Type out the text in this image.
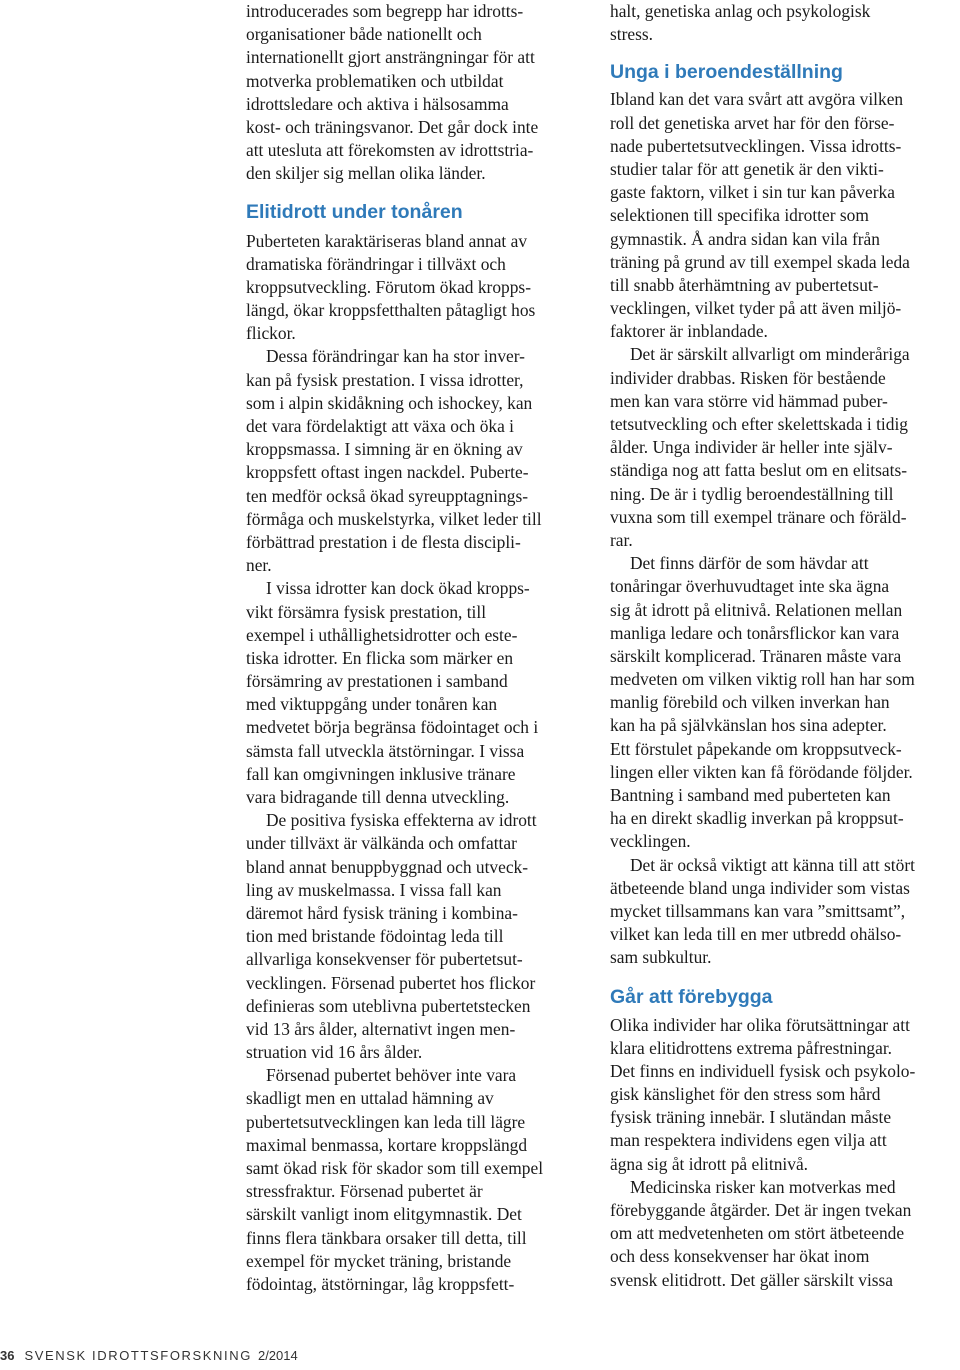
introducerades som begrepp har idrotts-
organisationer både nationellt och
internationellt gjort ansträngningar för att
motverka problematiken och utbildat
idrottsledare och aktiva i hälsosamma
kost- och träningsvanor. Det går dock inte
att utesluta att förekomsten av idrottstria-
den skiljer sig mellan olika länder.
Elitidrott under tonåren
Puberteten karaktäriseras bland annat av
dramatiska förändringar i tillväxt och
kroppsutveckling. Förutom ökad kropps-
längd, ökar kroppsfetthalten påtagligt hos
flickor.
Dessa förändringar kan ha stor inver-
kan på fysisk prestation. I vissa idrotter,
som i alpin skidåkning och ishockey, kan
det vara fördelaktigt att växa och öka i
kroppsmassa. I simning är en ökning av
kroppsfett oftast ingen nackdel. Puberte-
ten medför också ökad syreupptagnings-
förmåga och muskelstyrka, vilket leder till
förbättrad prestation i de flesta discipli-
ner.
I vissa idrotter kan dock ökad kropps-
vikt försämra fysisk prestation, till
exempel i uthållighetsidrotter och este-
tiska idrotter. En flicka som märker en
försämring av prestationen i samband
med viktuppgång under tonåren kan
medvetet börja begränsa födointaget och i
sämsta fall utveckla ätstörningar. I vissa
fall kan omgivningen inklusive tränare
vara bidragande till denna utveckling.
De positiva fysiska effekterna av idrott
under tillväxt är välkända och omfattar
bland annat benuppbyggnad och utveck-
ling av muskelmassa. I vissa fall kan
däremot hård fysisk träning i kombina-
tion med bristande födointag leda till
allvarliga konsekvenser för pubertetsut-
vecklingen. Försenad pubertet hos flickor
definieras som uteblivna pubertetstecken
vid 13 års ålder, alternativt ingen men-
struation vid 16 års ålder.
Försenad pubertet behöver inte vara
skadligt men en uttalad hämning av
pubertetsutvecklingen kan leda till lägre
maximal benmassa, kortare kroppslängd
samt ökad risk för skador som till exempel
stressfraktur. Försenad pubertet är
särskilt vanligt inom elitgymnastik. Det
finns flera tänkbara orsaker till detta, till
exempel för mycket träning, bristande
födointag, ätstörningar, låg kroppsfett-
halt, genetiska anlag och psykologisk
stress.
Unga i beroendeställning
Ibland kan det vara svårt att avgöra vilken
roll det genetiska arvet har för den förse-
nade pubertetsutvecklingen. Vissa idrotts-
studier talar för att genetik är den vikti-
gaste faktorn, vilket i sin tur kan påverka
selektionen till specifika idrotter som
gymnastik. Å andra sidan kan vila från
träning på grund av till exempel skada leda
till snabb återhämtning av pubertetsut-
vecklingen, vilket tyder på att även miljö-
faktorer är inblandade.
Det är särskilt allvarligt om minderåriga
individer drabbas. Risken för bestående
men kan vara större vid hämmad puber-
tetsutveckling och efter skelettskada i tidig
ålder. Unga individer är heller inte själv-
ständiga nog att fatta beslut om en elitsats-
ning. De är i tydlig beroendeställning till
vuxna som till exempel tränare och föräld-
rar.
Det finns därför de som hävdar att
tonåringar överhuvudtaget inte ska ägna
sig åt idrott på elitnivå. Relationen mellan
manliga ledare och tonårsflickor kan vara
särskilt komplicerad. Tränaren måste vara
medveten om vilken viktig roll han har som
manlig förebild och vilken inverkan han
kan ha på självkänslan hos sina adepter.
Ett förstulet påpekande om kroppsutveck-
lingen eller vikten kan få förödande följder.
Bantning i samband med puberteten kan
ha en direkt skadlig inverkan på kroppsut-
vecklingen.
Det är också viktigt att känna till att stört
ätbeteende bland unga individer som vistas
mycket tillsammans kan vara ”smittsamt”,
vilket kan leda till en mer utbredd ohälso-
sam subkultur.
Går att förebygga
Olika individer har olika förutsättningar att
klara elitidrottens extrema påfrestningar.
Det finns en individuell fysisk och psykolo-
gisk känslighet för den stress som hård
fysisk träning innebär. I slutändan måste
man respektera individens egen vilja att
ägna sig åt idrott på elitnivå.
Medicinska risker kan motverkas med
förebyggande åtgärder. Det är ingen tvekan
om att medvetenheten om stört ätbeteende
och dess konsekvenser har ökat inom
svensk elitidrott. Det gäller särskilt vissa
36 SVENSK IDROTTSFORSKNING 2/2014
